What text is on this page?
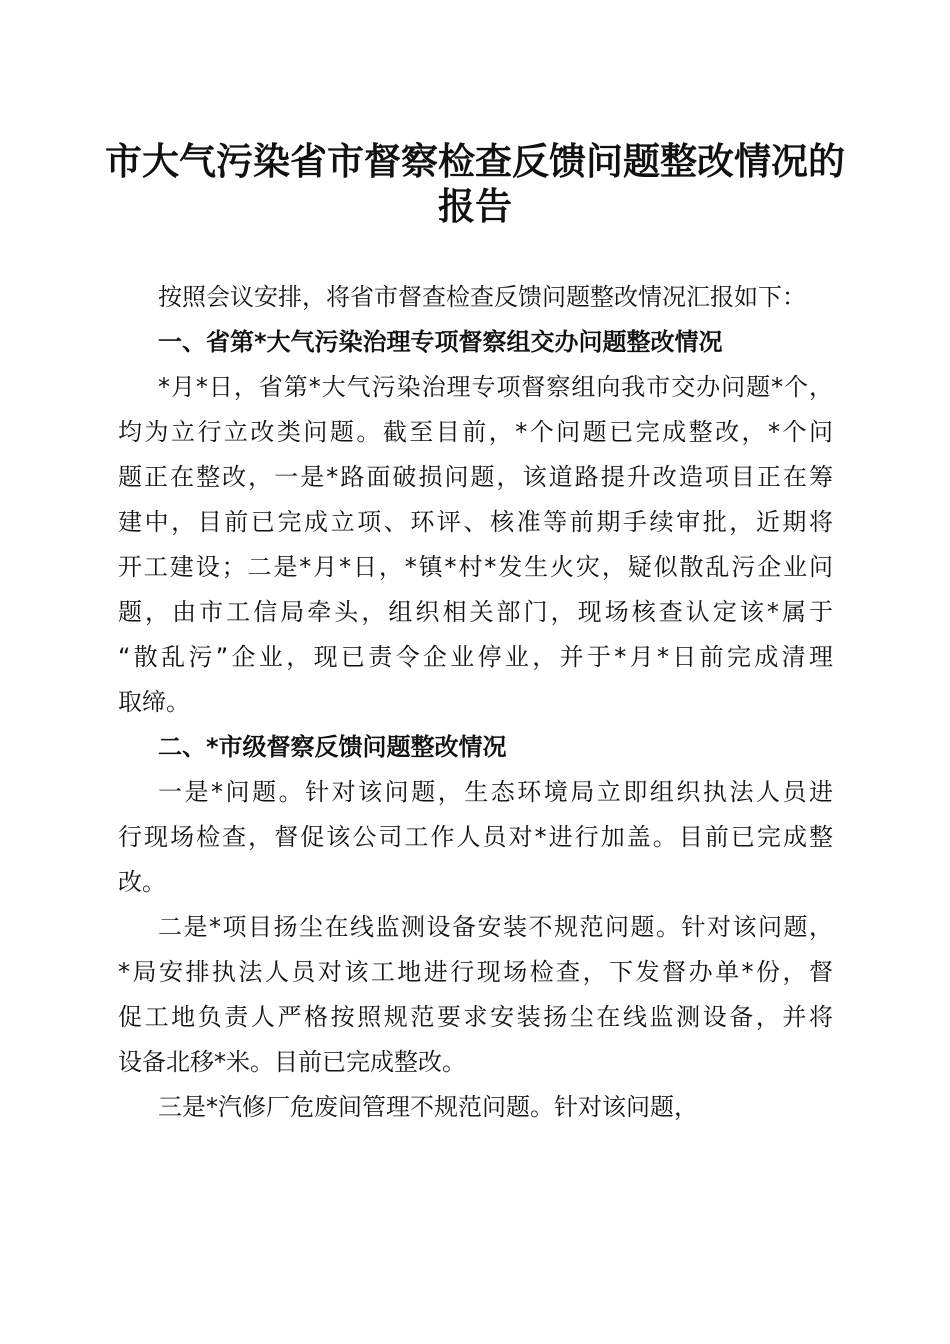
市大气污染省市督察检查反馈问题整改情况的
报告

按照会议安排，将省市督查检查反馈问题整改情况汇报如下：

一、省第*大气污染治理专项督察组交办问题整改情况

*月*日，省第*大气污染治理专项督察组向我市交办问题*个，

均为立行立改类问题。截至目前，*个问题已完成整改，*个问

题正在整改，一是*路面破损问题，该道路提升改造项目正在筹

建中，目前已完成立项、环评、核准等前期手续审批，近期将

开工建设；二是*月*日，*镇*村*发生火灾，疑似散乱污企业问

题，由市工信局牵头，组织相关部门，现场核查认定该*属于

“散乱污”企业，现已责令企业停业，并于*月*日前完成清理

取缔。

二、*市级督察反馈问题整改情况

一是*问题。针对该问题，生态环境局立即组织执法人员进

行现场检查，督促该公司工作人员对*进行加盖。目前已完成整

改。

二是*项目扬尘在线监测设备安装不规范问题。针对该问题，

*局安排执法人员对该工地进行现场检查，下发督办单*份，督

促工地负责人严格按照规范要求安装扬尘在线监测设备，并将

设备北移*米。目前已完成整改。

三是*汽修厂危废间管理不规范问题。针对该问题，
